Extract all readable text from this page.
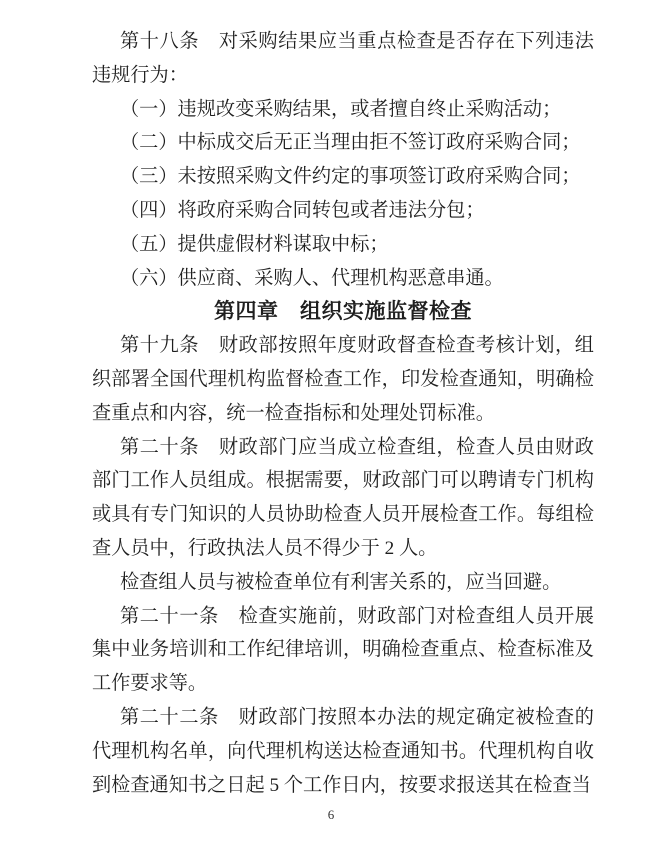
第十八条　对采购结果应当重点检查是否存在下列违法违规行为：

（一）违规改变采购结果，或者擅自终止采购活动；

（二）中标成交后无正当理由拒不签订政府采购合同；

（三）未按照采购文件约定的事项签订政府采购合同；

（四）将政府采购合同转包或者违法分包；

（五）提供虚假材料谋取中标；

（六）供应商、采购人、代理机构恶意串通。

第四章　组织实施监督检查

第十九条　财政部按照年度财政督查检查考核计划，组织部署全国代理机构监督检查工作，印发检查通知，明确检查重点和内容，统一检查指标和处理处罚标准。

第二十条　财政部门应当成立检查组，检查人员由财政部门工作人员组成。根据需要，财政部门可以聘请专门机构或具有专门知识的人员协助检查人员开展检查工作。每组检查人员中，行政执法人员不得少于 2 人。

检查组人员与被检查单位有利害关系的，应当回避。

第二十一条　检查实施前，财政部门对检查组人员开展集中业务培训和工作纪律培训，明确检查重点、检查标准及工作要求等。

第二十二条　财政部门按照本办法的规定确定被检查的代理机构名单，向代理机构送达检查通知书。代理机构自收到检查通知书之日起 5 个工作日内，按要求报送其在检查当

6
